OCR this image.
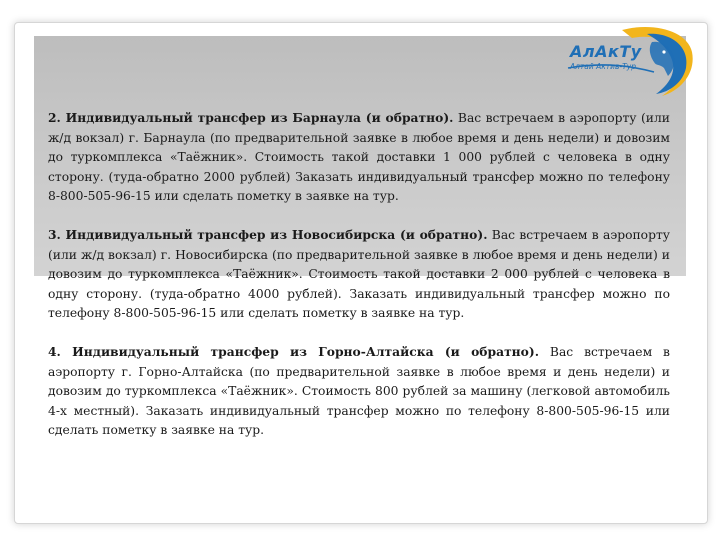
АлАкТу
Алтай Актив-Тур

2. Индивидуальный трансфер из Барнаула (и обратно). Вас встречаем в аэропорту (или ж/д вокзал) г. Барнаула (по предварительной заявке в любое время и день недели) и довозим до туркомплекса «Таёжник». Стоимость такой доставки 1 000 рублей с человека в одну сторону. (туда-обратно 2000 рублей) Заказать индивидуальный трансфер можно по телефону 8-800-505-96-15 или сделать пометку в заявке на тур.

3. Индивидуальный трансфер из Новосибирска (и обратно). Вас встречаем в аэропорту (или ж/д вокзал) г. Новосибирска (по предварительной заявке в любое время и день недели) и довозим до туркомплекса «Таёжник». Стоимость такой доставки 2 000 рублей с человека в одну сторону. (туда-обратно 4000 рублей). Заказать индивидуальный трансфер можно по телефону 8-800-505-96-15 или сделать пометку в заявке на тур.

4. Индивидуальный трансфер из Горно-Алтайска (и обратно). Вас встречаем в аэропорту г. Горно-Алтайска (по предварительной заявке в любое время и день недели) и довозим до туркомплекса «Таёжник». Стоимость 800 рублей за машину (легковой автомобиль 4-х местный). Заказать индивидуальный трансфер можно по телефону 8-800-505-96-15 или сделать пометку в заявке на тур.
